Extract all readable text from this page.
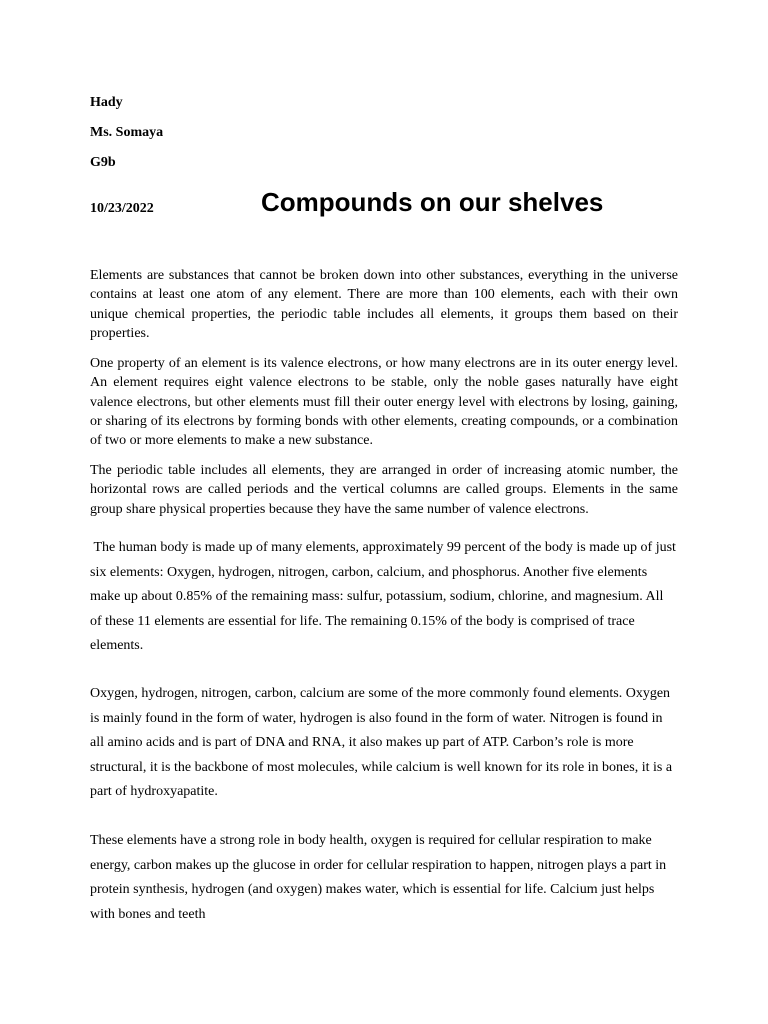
Hady

Ms. Somaya

G9b

10/23/2022	Compounds on our shelves

Elements are substances that cannot be broken down into other substances, everything in the universe contains at least one atom of any element. There are more than 100 elements, each with their own unique chemical properties, the periodic table includes all elements, it groups them based on their properties.

One property of an element is its valence electrons, or how many electrons are in its outer energy level. An element requires eight valence electrons to be stable, only the noble gases naturally have eight valence electrons, but other elements must fill their outer energy level with electrons by losing, gaining, or sharing of its electrons by forming bonds with other elements, creating compounds, or a combination of two or more elements to make a new substance.

The periodic table includes all elements, they are arranged in order of increasing atomic number, the horizontal rows are called periods and the vertical columns are called groups. Elements in the same group share physical properties because they have the same number of valence electrons.

The human body is made up of many elements, approximately 99 percent of the body is made up of just six elements: Oxygen, hydrogen, nitrogen, carbon, calcium, and phosphorus. Another five elements make up about 0.85% of the remaining mass: sulfur, potassium, sodium, chlorine, and magnesium. All of these 11 elements are essential for life. The remaining 0.15% of the body is comprised of trace elements.

Oxygen, hydrogen, nitrogen, carbon, calcium are some of the more commonly found elements. Oxygen is mainly found in the form of water, hydrogen is also found in the form of water. Nitrogen is found in all amino acids and is part of DNA and RNA, it also makes up part of ATP. Carbon’s role is more structural, it is the backbone of most molecules, while calcium is well known for its role in bones, it is a part of hydroxyapatite.

These elements have a strong role in body health, oxygen is required for cellular respiration to make energy, carbon makes up the glucose in order for cellular respiration to happen, nitrogen plays a part in protein synthesis, hydrogen (and oxygen) makes water, which is essential for life. Calcium just helps with bones and teeth
